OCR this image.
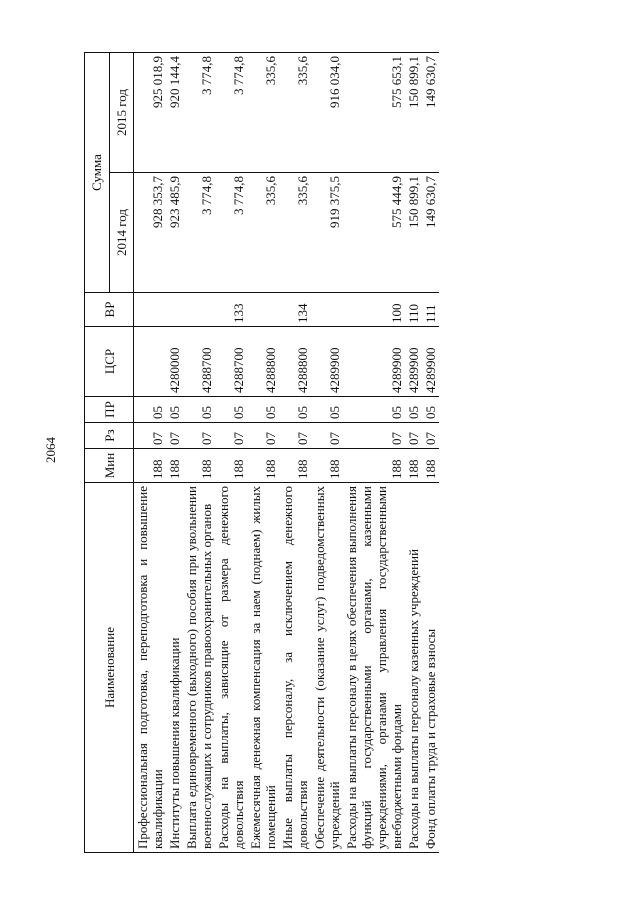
2064
Наименование	Мин	Рз	ПР	ЦСР	ВР	Сумма	
						2014 год	2015 год
Профессиональная подготовка, переподготовка и повышение квалификации	188	07	05			928 353,7	925 018,9
Институты повышения квалификации	188	07	05	4280000		923 485,9	920 144,4
Выплата единовременного (выходного) пособия при увольнении военнослужащих и сотрудников правоохранительных органов	188	07	05	4288700		3 774,8	3 774,8
Расходы на выплаты, зависящие от размера денежного довольствия	188	07	05	4288700	133	3 774,8	3 774,8
Ежемесячная денежная компенсация за наем (поднаем) жилых помещений	188	07	05	4288800		335,6	335,6
Иные выплаты персоналу, за исключением денежного довольствия	188	07	05	4288800	134	335,6	335,6
Обеспечение деятельности (оказание услуг) подведомственных учреждений	188	07	05	4289900		919 375,5	916 034,0
Расходы на выплаты персоналу в целях обеспечения выполнения функций государственными органами, казенными учреждениями, органами управления государственными внебюджетными фондами	188	07	05	4289900	100	575 444,9	575 653,1
Расходы на выплаты персоналу казенных учреждений	188	07	05	4289900	110	150 899,1	150 899,1
Фонд оплаты труда и страховые взносы	188	07	05	4289900	111	149 630,7	149 630,7
